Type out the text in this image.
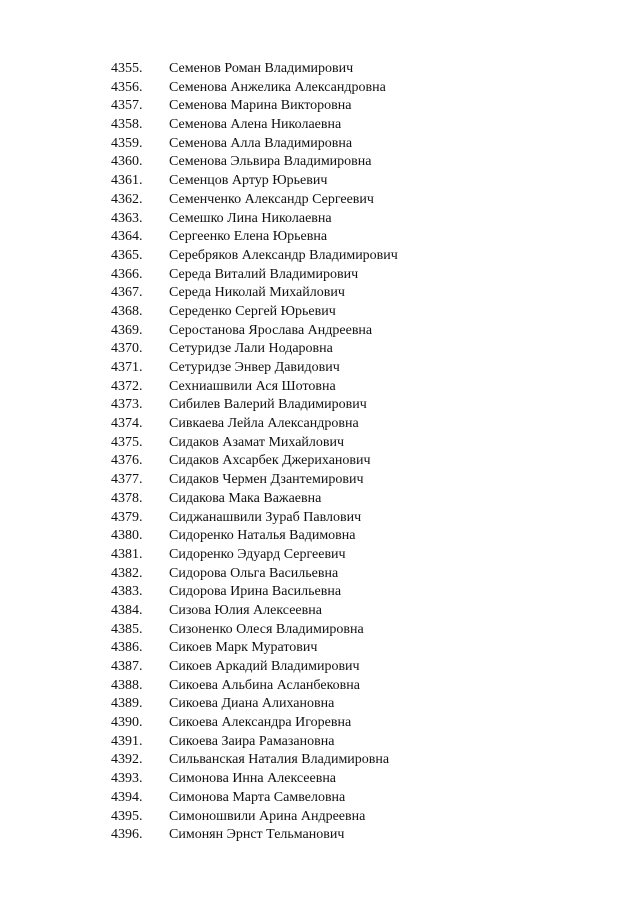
4355. Семенов Роман Владимирович
4356. Семенова Анжелика Александровна
4357. Семенова Марина Викторовна
4358. Семенова Алена Николаевна
4359. Семенова Алла Владимировна
4360. Семенова Эльвира Владимировна
4361. Семенцов Артур Юрьевич
4362. Семенченко Александр Сергеевич
4363. Семешко Лина Николаевна
4364. Сергеенко Елена Юрьевна
4365. Серебряков Александр Владимирович
4366. Середа Виталий Владимирович
4367. Середа Николай Михайлович
4368. Середенко Сергей Юрьевич
4369. Серостанова Ярослава Андреевна
4370. Сетуридзе Лали Нодаровна
4371. Сетуридзе Энвер Давидович
4372. Сехниашвили Ася Шотовна
4373. Сибилев Валерий Владимирович
4374. Сивкаева Лейла Александровна
4375. Сидаков Азамат Михайлович
4376. Сидаков Ахсарбек Джериханович
4377. Сидаков Чермен Дзантемирович
4378. Сидакова Мака Важаевна
4379. Сиджанашвили Зураб Павлович
4380. Сидоренко Наталья Вадимовна
4381. Сидоренко Эдуард Сергеевич
4382. Сидорова Ольга Васильевна
4383. Сидорова Ирина Васильевна
4384. Сизова Юлия Алексеевна
4385. Сизоненко Олеся Владимировна
4386. Сикоев Марк Муратович
4387. Сикоев Аркадий Владимирович
4388. Сикоева Альбина Асланбековна
4389. Сикоева Диана Алихановна
4390. Сикоева Александра Игоревна
4391. Сикоева Заира Рамазановна
4392. Сильванская Наталия Владимировна
4393. Симонова Инна Алексеевна
4394. Симонова Марта Самвеловна
4395. Симоношвили Арина Андреевна
4396. Симонян Эрнст Тельманович
